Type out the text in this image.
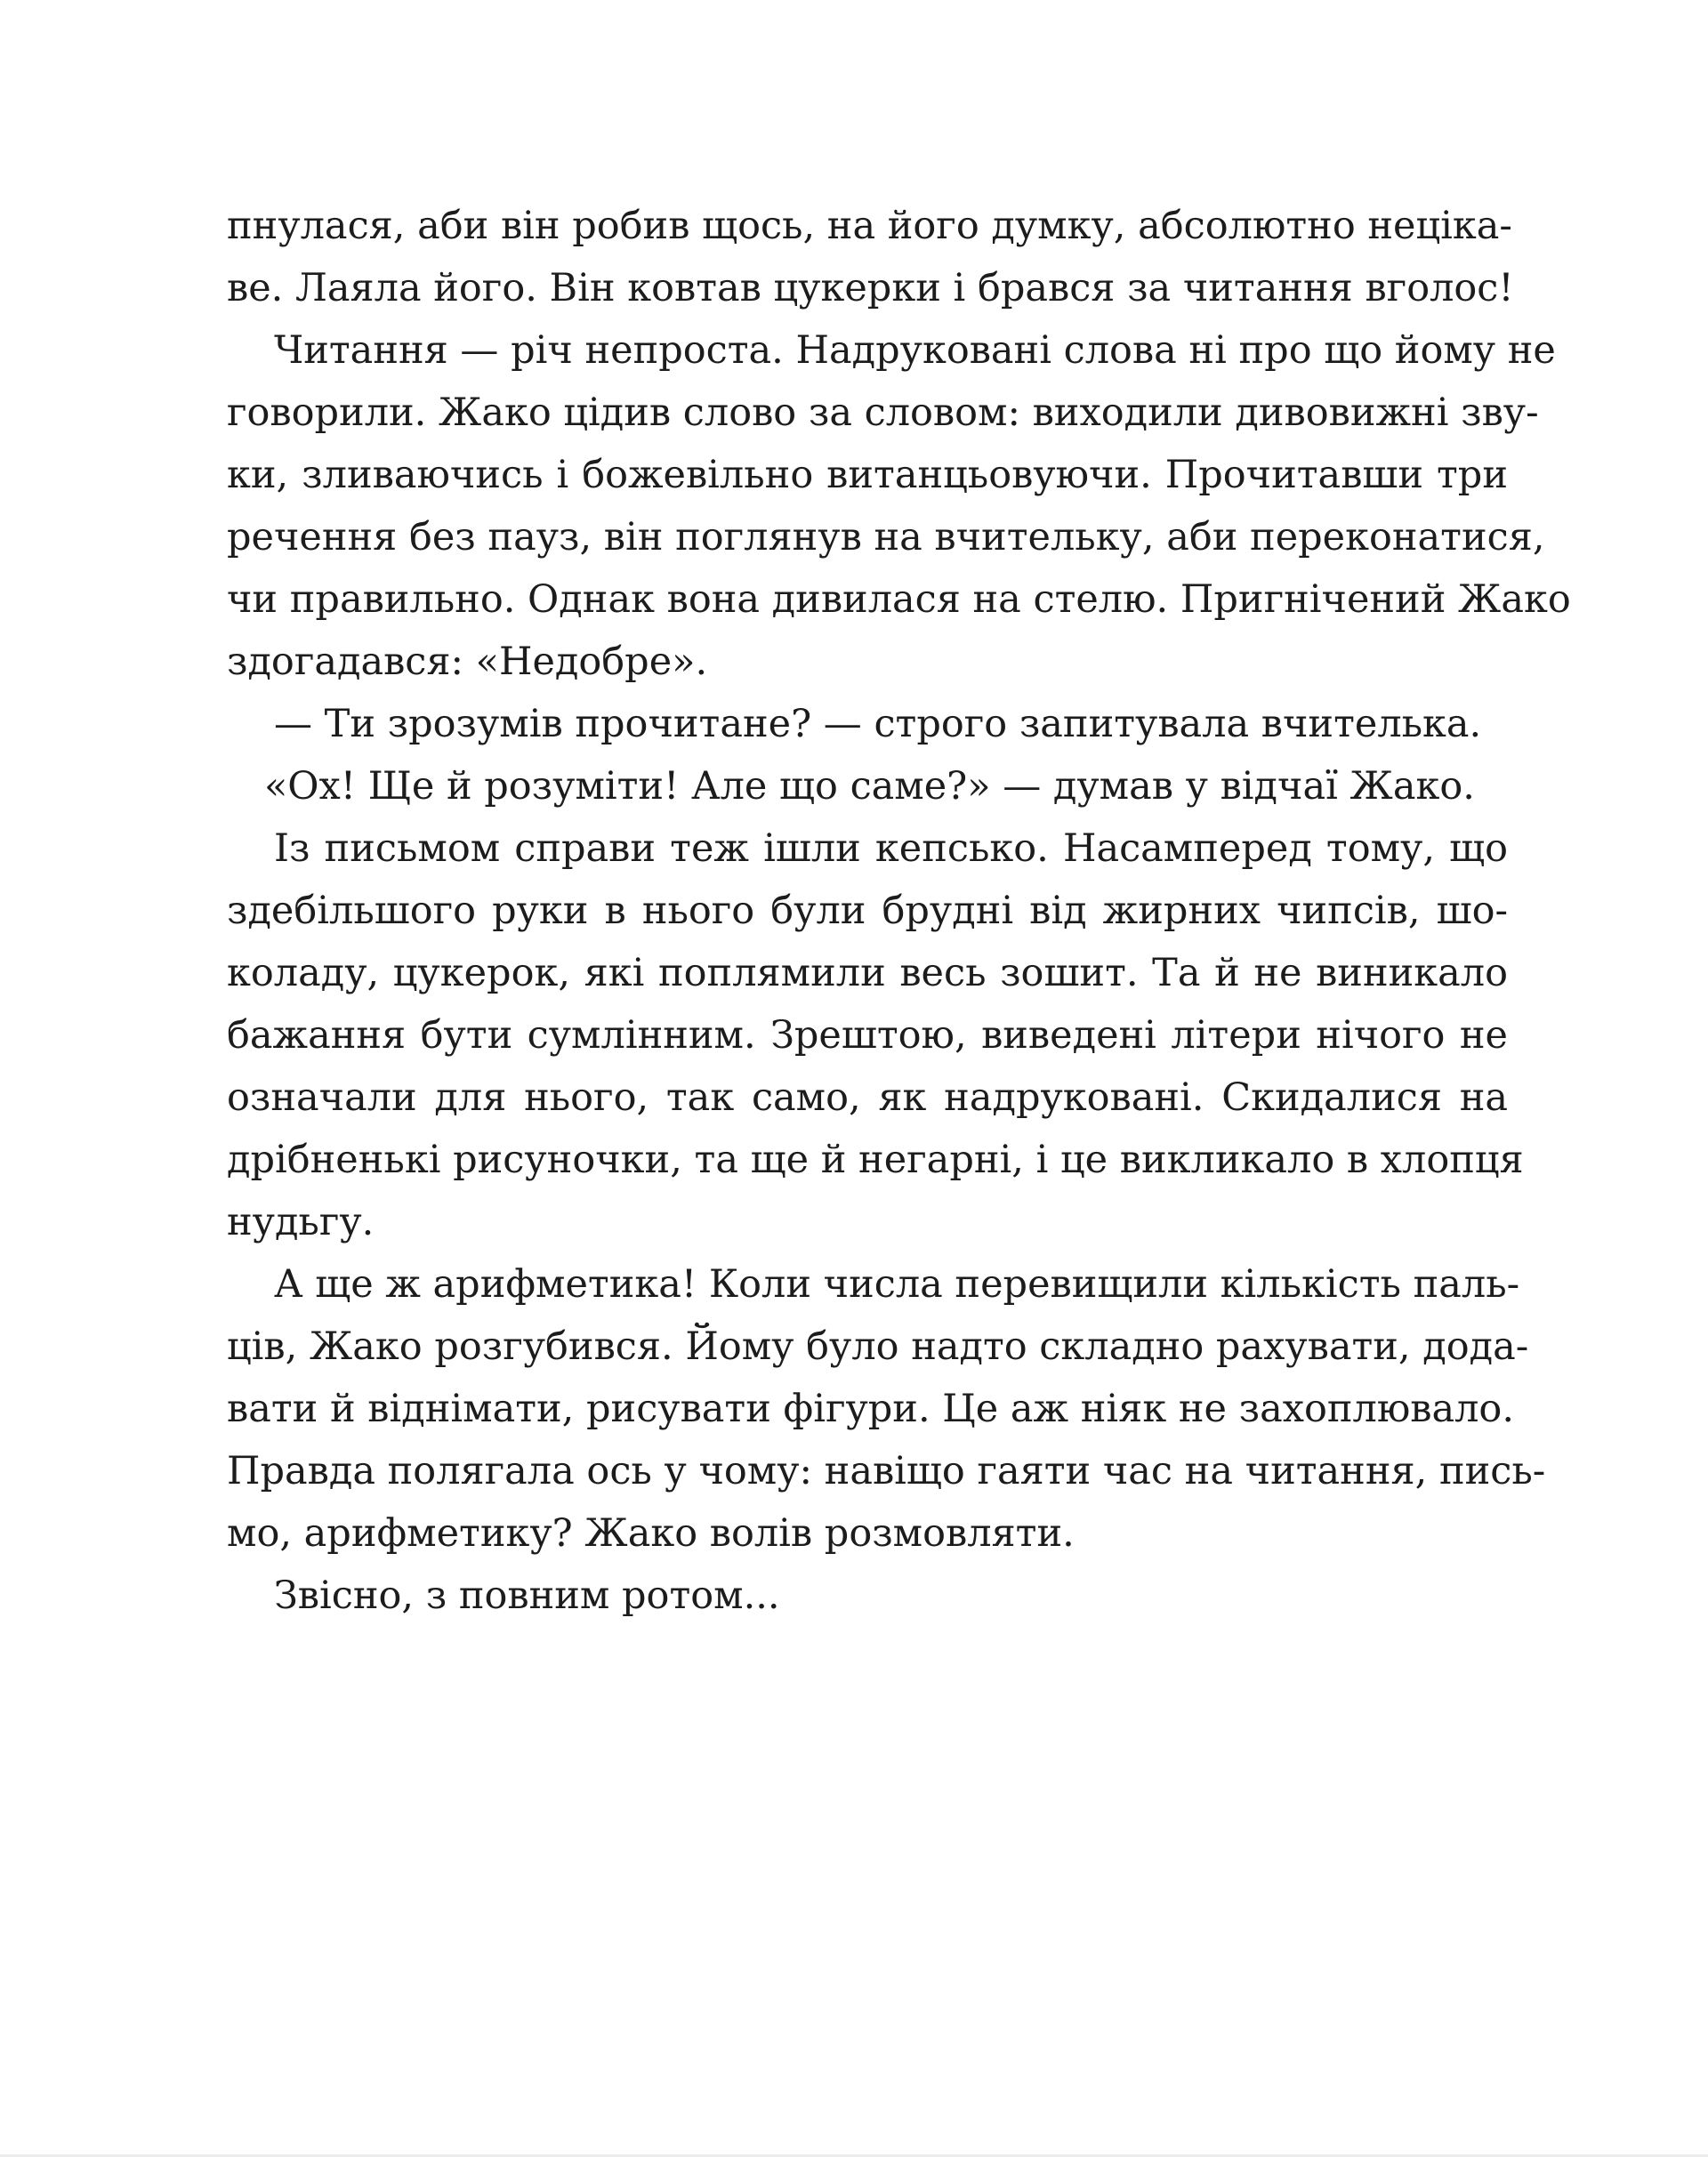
пнулася, аби він робив щось, на його думку, абсолютно неціка-
ве. Лаяла його. Він ковтав цукерки і брався за читання вголос!
Читання — річ непроста. Надруковані слова ні про що йому не
говорили. Жако цідив слово за словом: виходили дивовижні зву-
ки, зливаючись і божевільно витанцьовуючи. Прочитавши три
речення без пауз, він поглянув на вчительку, аби переконатися,
чи правильно. Однак вона дивилася на стелю. Пригнічений Жако
здогадався: «Недобре».
— Ти зрозумів прочитане? — строго запитувала вчителька.
«Ох! Ще й розуміти! Але що саме?» — думав у відчаї Жако.
Із письмом справи теж ішли кепсько. Насамперед тому, що
здебільшого руки в нього були брудні від жирних чипсів, шо-
коладу, цукерок, які поплямили весь зошит. Та й не виникало
бажання бути сумлінним. Зрештою, виведені літери нічого не
означали для нього, так само, як надруковані. Скидалися на
дрібненькі рисуночки, та ще й негарні, і це викликало в хлопця
нудьгу.
А ще ж арифметика! Коли числа перевищили кількість паль-
ців, Жако розгубився. Йому було надто складно рахувати, дода-
вати й віднімати, рисувати фігури. Це аж ніяк не захоплювало.
Правда полягала ось у чому: навіщо гаяти час на читання, пись-
мо, арифметику? Жако волів розмовляти.
Звісно, з повним ротом...
